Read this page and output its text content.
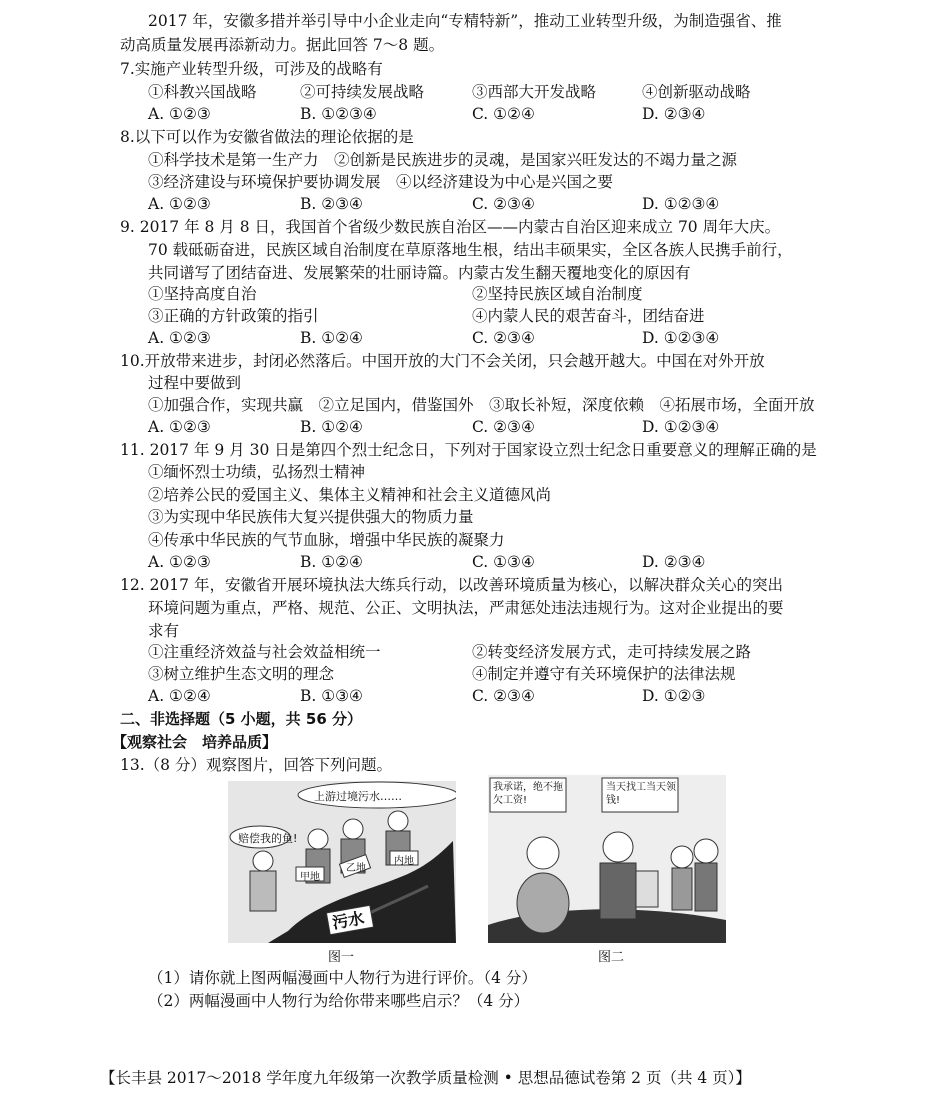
2017 年，安徽多措并举引导中小企业走向“专精特新”，推动工业转型升级，为制造强省、推
动高质量发展再添新动力。据此回答 7～8 题。
7.实施产业转型升级，可涉及的战略有
①科教兴国战略	②可持续发展战略	③西部大开发战略	④创新驱动战略
A. ①②③	B. ①②③④	C. ①②④	D. ②③④
8.以下可以作为安徽省做法的理论依据的是
①科学技术是第一生产力　②创新是民族进步的灵魂，是国家兴旺发达的不竭力量之源
③经济建设与环境保护要协调发展　④以经济建设为中心是兴国之要
A. ①②③	B. ②③④	C. ②③④	D. ①②③④
9. 2017 年 8 月 8 日，我国首个省级少数民族自治区——内蒙古自治区迎来成立 70 周年大庆。
70 载砥砺奋进，民族区域自治制度在草原落地生根，结出丰硕果实，全区各族人民携手前行，
共同谱写了团结奋进、发展繁荣的壮丽诗篇。内蒙古发生翻天覆地变化的原因有
①坚持高度自治	②坚持民族区域自治制度
③正确的方针政策的指引	④内蒙人民的艰苦奋斗，团结奋进
A. ①②③	B. ①②④	C. ②③④	D. ①②③④
10.开放带来进步，封闭必然落后。中国开放的大门不会关闭，只会越开越大。中国在对外开放
过程中要做到
①加强合作，实现共赢　②立足国内，借鉴国外　③取长补短，深度依赖　④拓展市场，全面开放
A. ①②③	B. ①②④	C. ②③④	D. ①②③④
11. 2017 年 9 月 30 日是第四个烈士纪念日，下列对于国家设立烈士纪念日重要意义的理解正确的是
①缅怀烈士功绩，弘扬烈士精神
②培养公民的爱国主义、集体主义精神和社会主义道德风尚
③为实现中华民族伟大复兴提供强大的物质力量
④传承中华民族的气节血脉，增强中华民族的凝聚力
A. ①②③	B. ①②④	C. ①③④	D. ②③④
12. 2017 年，安徽省开展环境执法大练兵行动，以改善环境质量为核心，以解决群众关心的突出
环境问题为重点，严格、规范、公正、文明执法，严肃惩处违法违规行为。这对企业提出的要
求有
①注重经济效益与社会效益相统一	②转变经济发展方式，走可持续发展之路
③树立维护生态文明的理念	④制定并遵守有关环境保护的法律法规
A. ①②④	B. ①③④	C. ②③④	D. ①②③
二、非选择题（5 小题，共 56 分）
【观察社会　培养品质】
13.（8 分）观察图片，回答下列问题。
上游过境污水……
赔偿我的鱼!
甲地
乙地
内地
污水
图一
我承诺，绝不拖欠工资!
当天找工当天领钱!
图二
（1）请你就上图两幅漫画中人物行为进行评价。（4 分）
（2）两幅漫画中人物行为给你带来哪些启示？（4 分）
【长丰县 2017～2018 学年度九年级第一次教学质量检测 • 思想品德试卷第 2 页（共 4 页）】
